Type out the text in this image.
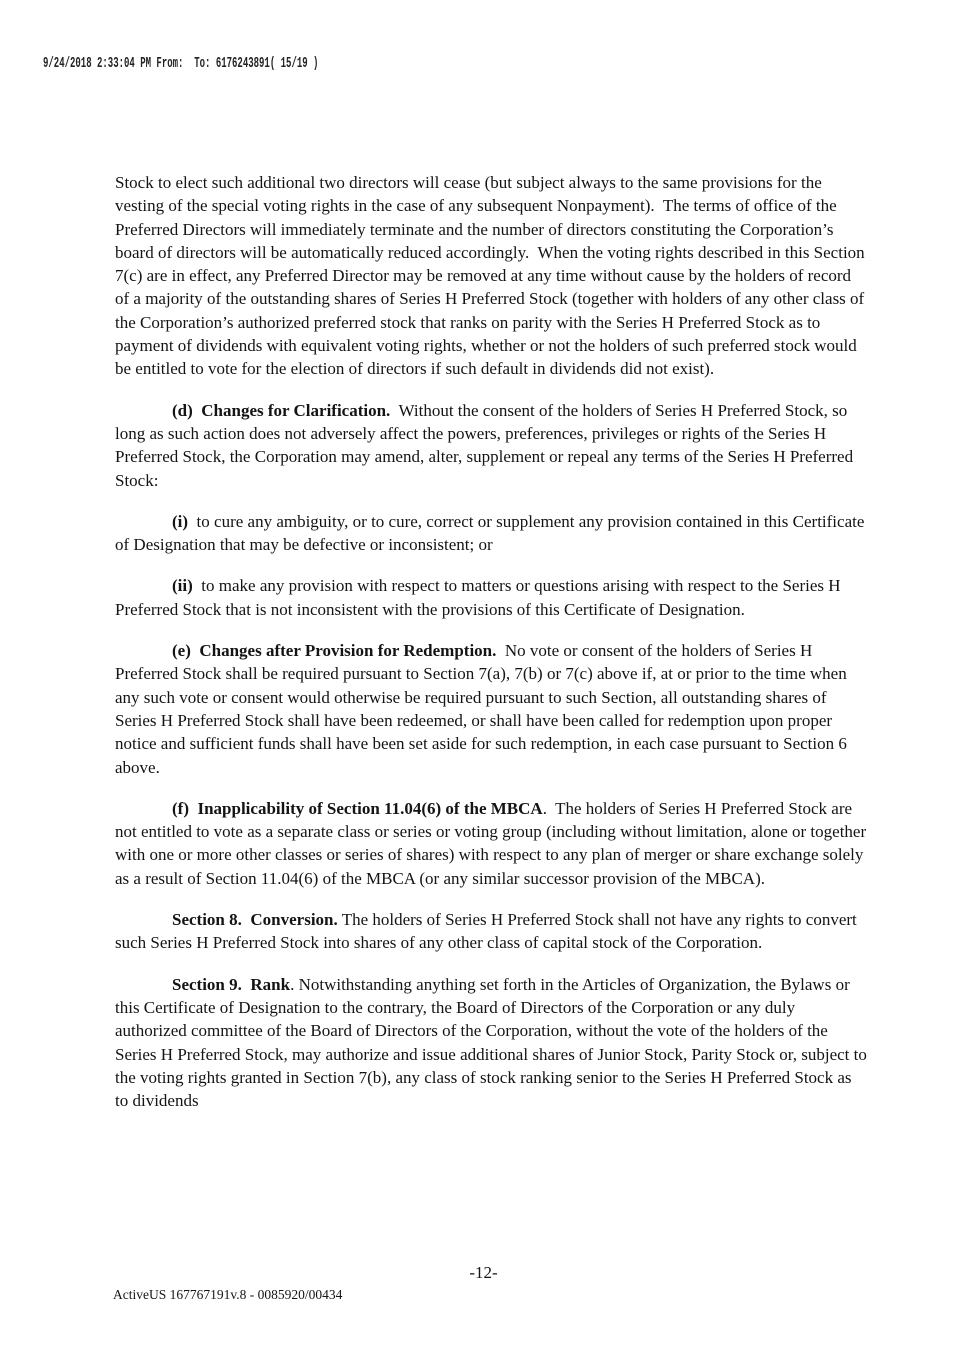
9/24/2018 2:33:04 PM From:  To: 6176243891( 15/19 )

Stock to elect such additional two directors will cease (but subject always to the same provisions for the vesting of the special voting rights in the case of any subsequent Nonpayment).  The terms of office of the Preferred Directors will immediately terminate and the number of directors constituting the Corporation’s board of directors will be automatically reduced accordingly.  When the voting rights described in this Section 7(c) are in effect, any Preferred Director may be removed at any time without cause by the holders of record of a majority of the outstanding shares of Series H Preferred Stock (together with holders of any other class of the Corporation’s authorized preferred stock that ranks on parity with the Series H Preferred Stock as to payment of dividends with equivalent voting rights, whether or not the holders of such preferred stock would be entitled to vote for the election of directors if such default in dividends did not exist).

(d)  Changes for Clarification.  Without the consent of the holders of Series H Preferred Stock, so long as such action does not adversely affect the powers, preferences, privileges or rights of the Series H Preferred Stock, the Corporation may amend, alter, supplement or repeal any terms of the Series H Preferred Stock:

(i)  to cure any ambiguity, or to cure, correct or supplement any provision contained in this Certificate of Designation that may be defective or inconsistent; or

(ii)  to make any provision with respect to matters or questions arising with respect to the Series H Preferred Stock that is not inconsistent with the provisions of this Certificate of Designation.

(e)  Changes after Provision for Redemption.  No vote or consent of the holders of Series H Preferred Stock shall be required pursuant to Section 7(a), 7(b) or 7(c) above if, at or prior to the time when any such vote or consent would otherwise be required pursuant to such Section, all outstanding shares of Series H Preferred Stock shall have been redeemed, or shall have been called for redemption upon proper notice and sufficient funds shall have been set aside for such redemption, in each case pursuant to Section 6 above.

(f)  Inapplicability of Section 11.04(6) of the MBCA.  The holders of Series H Preferred Stock are not entitled to vote as a separate class or series or voting group (including without limitation, alone or together with one or more other classes or series of shares) with respect to any plan of merger or share exchange solely as a result of Section 11.04(6) of the MBCA (or any similar successor provision of the MBCA).

Section 8.  Conversion. The holders of Series H Preferred Stock shall not have any rights to convert such Series H Preferred Stock into shares of any other class of capital stock of the Corporation.

Section 9.  Rank. Notwithstanding anything set forth in the Articles of Organization, the Bylaws or this Certificate of Designation to the contrary, the Board of Directors of the Corporation or any duly authorized committee of the Board of Directors of the Corporation, without the vote of the holders of the Series H Preferred Stock, may authorize and issue additional shares of Junior Stock, Parity Stock or, subject to the voting rights granted in Section 7(b), any class of stock ranking senior to the Series H Preferred Stock as to dividends

-12-
ActiveUS 167767191v.8 - 0085920/00434
